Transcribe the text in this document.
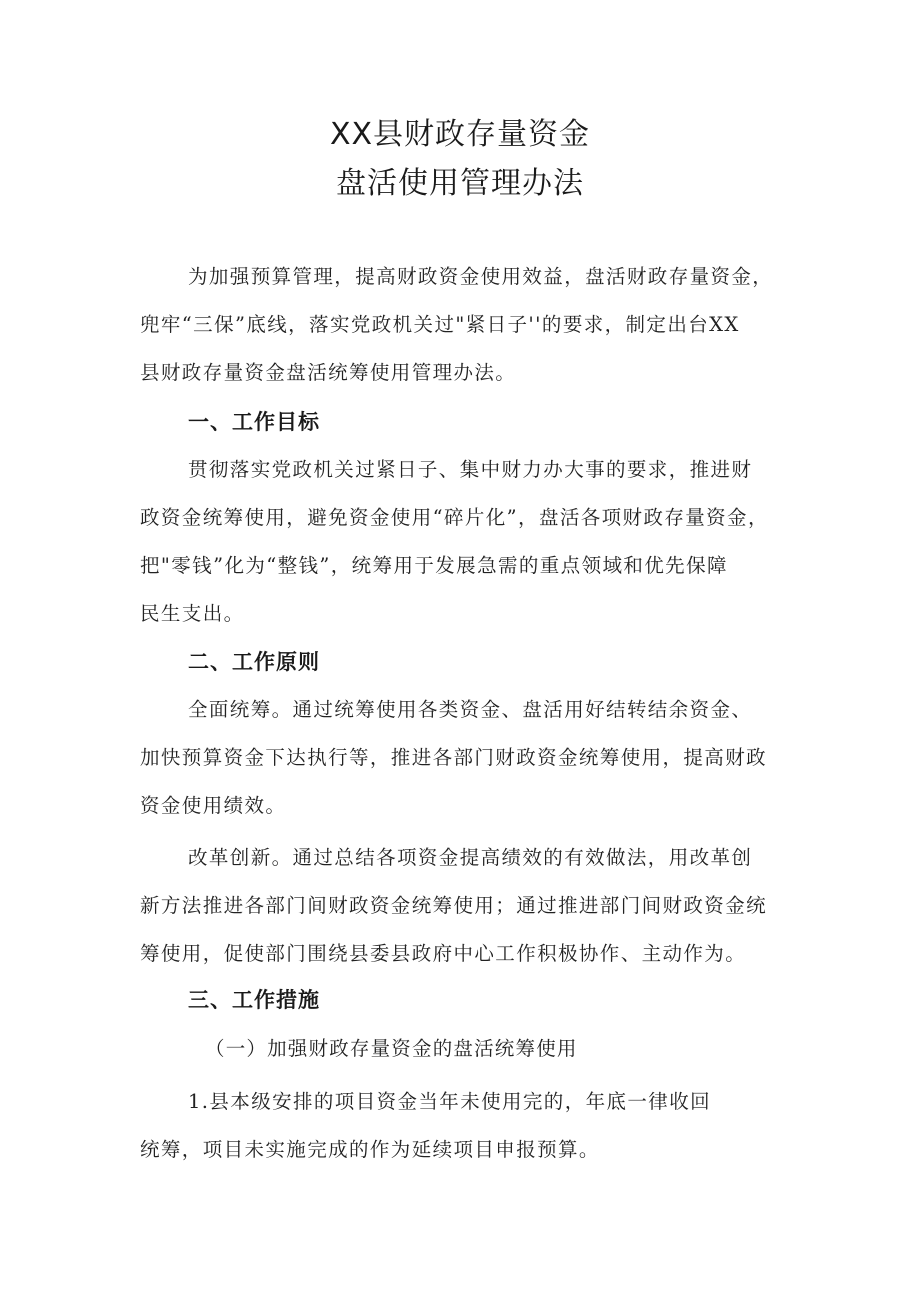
XX县财政存量资金
盘活使用管理办法
为加强预算管理，提高财政资金使用效益，盘活财政存量资金，
兜牢“三保”底线，落实党政机关过"紧日子''的要求，制定出台XX
县财政存量资金盘活统筹使用管理办法。
一、工作目标
贯彻落实党政机关过紧日子、集中财力办大事的要求，推进财
政资金统筹使用，避免资金使用“碎片化”，盘活各项财政存量资金，
把"零钱”化为“整钱”，统筹用于发展急需的重点领域和优先保障
民生支出。
二、工作原则
全面统筹。通过统筹使用各类资金、盘活用好结转结余资金、
加快预算资金下达执行等，推进各部门财政资金统筹使用，提高财政
资金使用绩效。
改革创新。通过总结各项资金提高绩效的有效做法，用改革创
新方法推进各部门间财政资金统筹使用；通过推进部门间财政资金统
筹使用，促使部门围绕县委县政府中心工作积极协作、主动作为。
三、工作措施
（一）加强财政存量资金的盘活统筹使用
1.县本级安排的项目资金当年未使用完的，年底一律收回
统筹，项目未实施完成的作为延续项目申报预算。
